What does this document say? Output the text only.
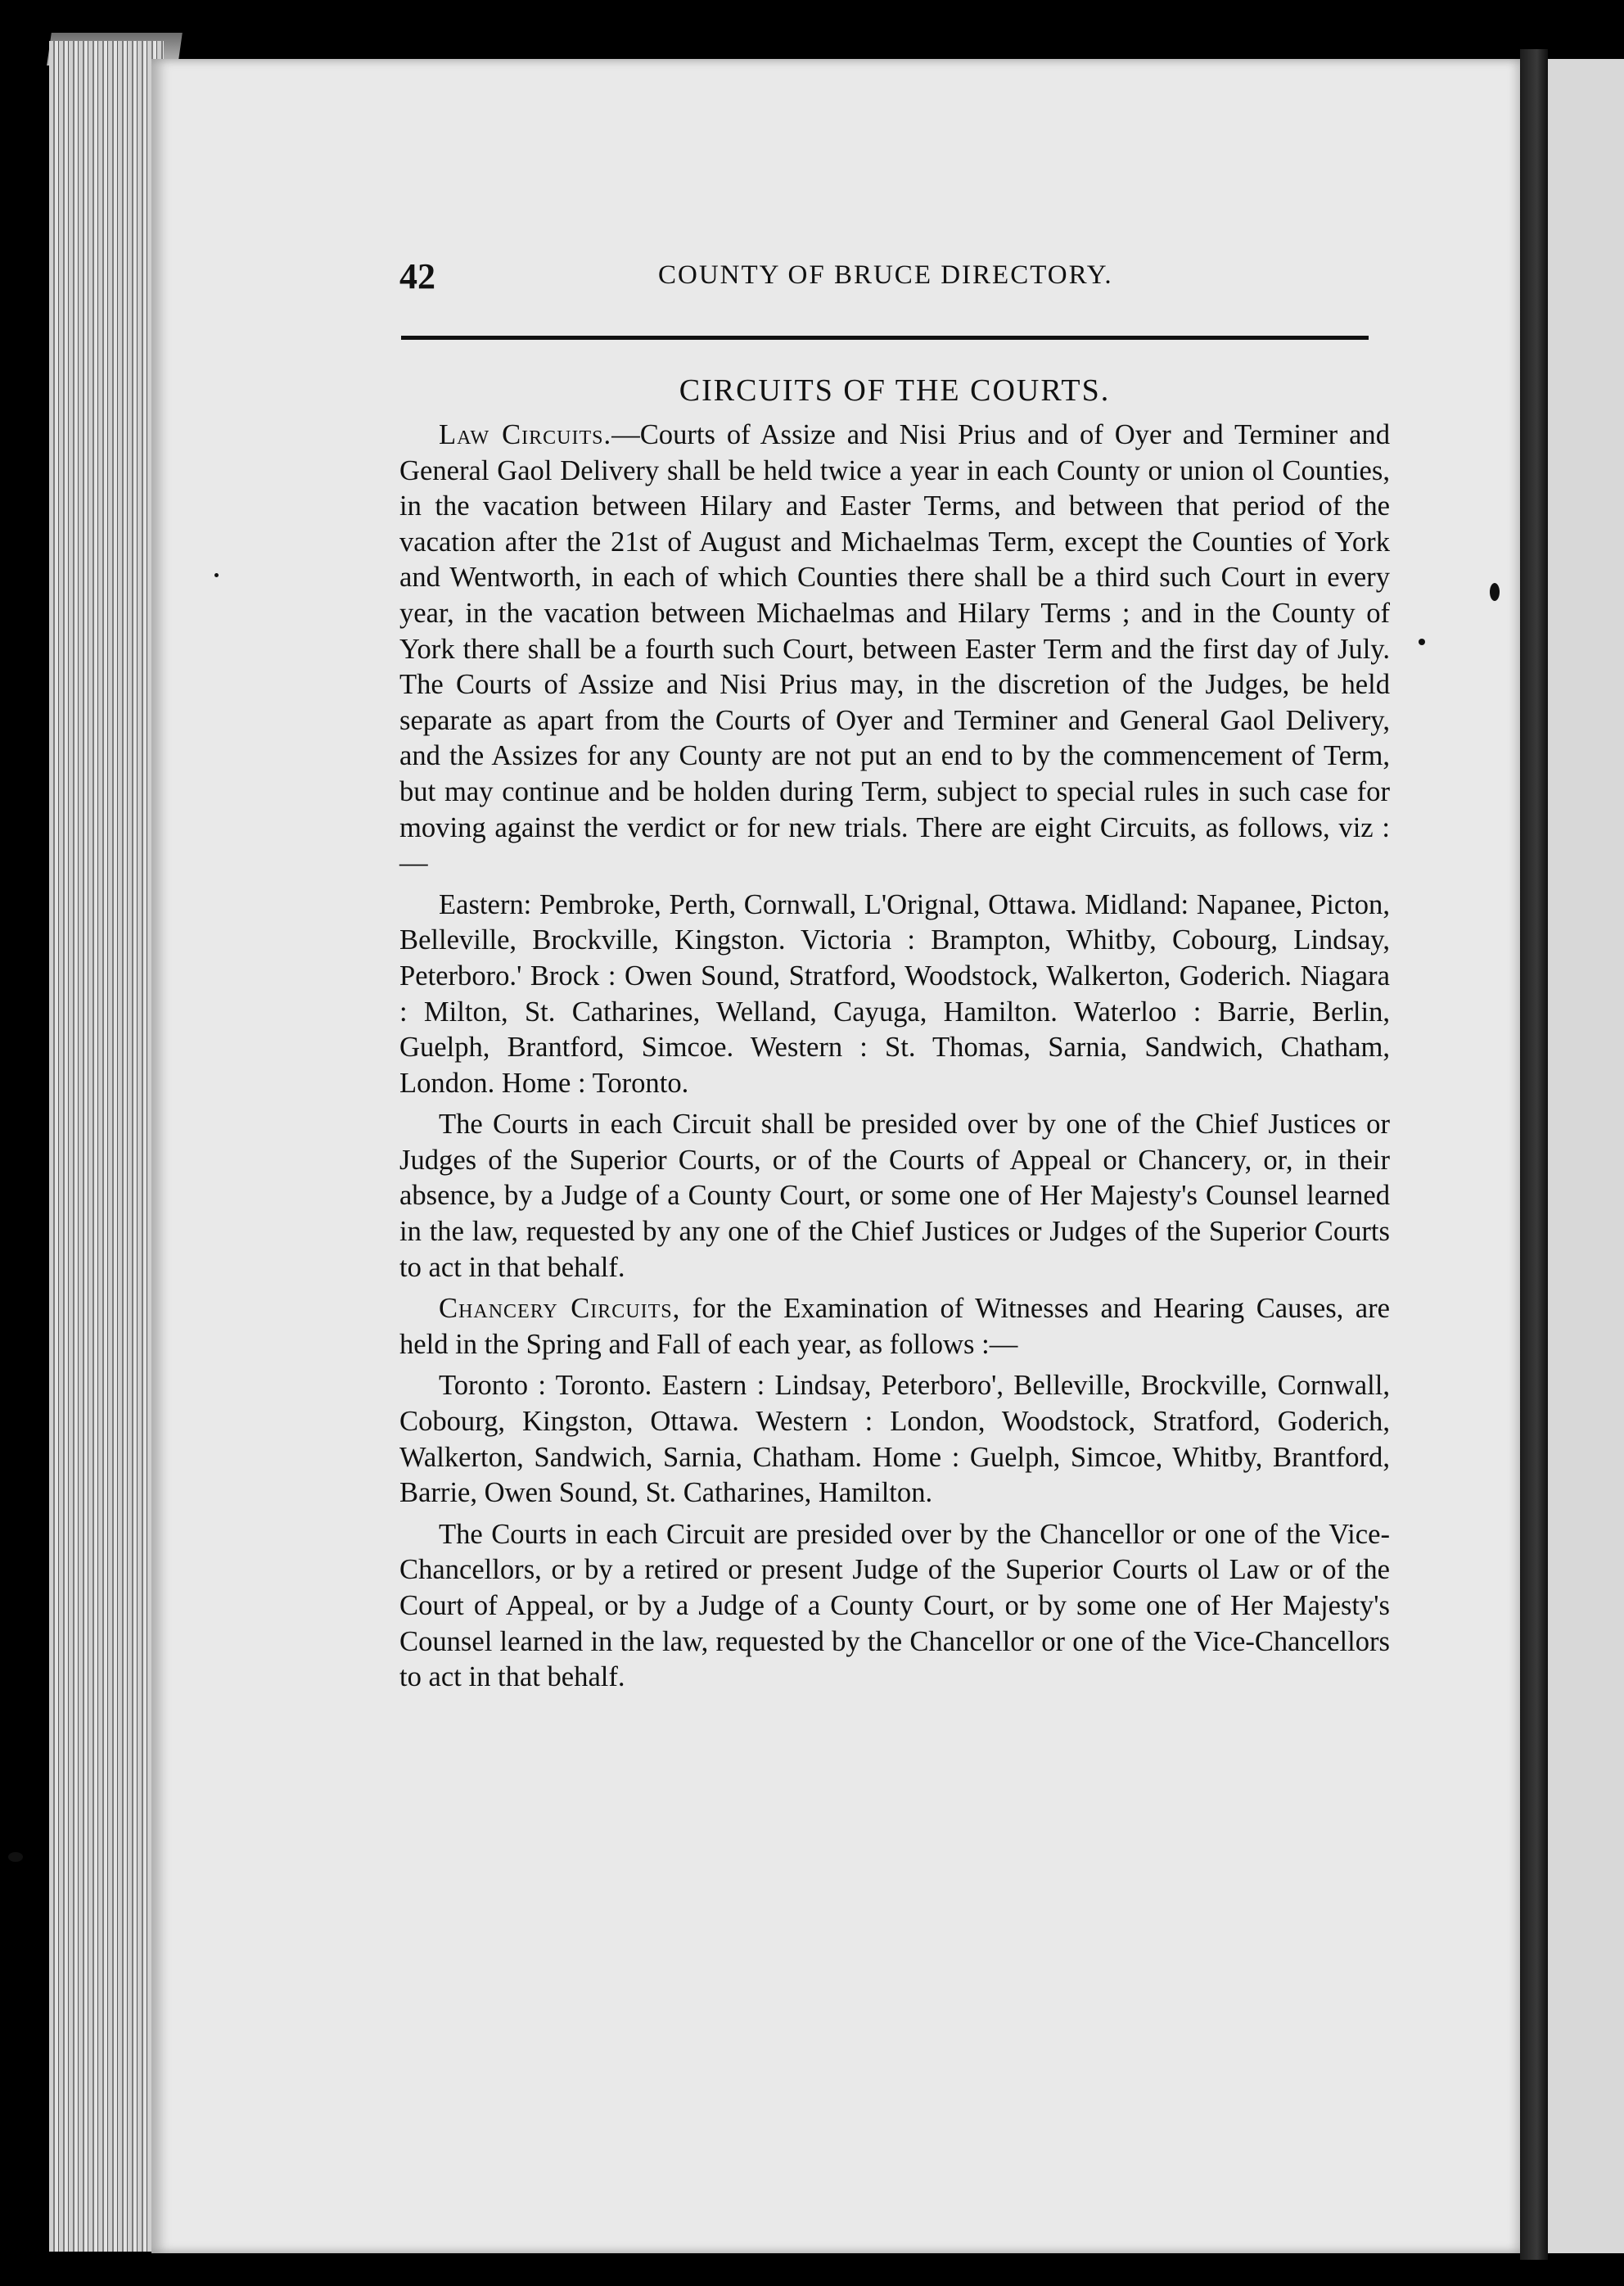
42	COUNTY OF BRUCE DIRECTORY.
CIRCUITS OF THE COURTS.

Law Circuits.—Courts of Assize and Nisi Prius and of Oyer and Terminer and General Gaol Delivery shall be held twice a year in each County or union ol Counties, in the vacation between Hilary and Easter Terms, and between that period of the vacation after the 21st of August and Michaelmas Term, except the Counties of York and Wentworth, in each of which Counties there shall be a third such Court in every year, in the vacation between Michaelmas and Hilary Terms ; and in the County of York there shall be a fourth such Court, between Easter Term and the first day of July. The Courts of Assize and Nisi Prius may, in the discretion of the Judges, be held separate as apart from the Courts of Oyer and Terminer and General Gaol Delivery, and the Assizes for any County are not put an end to by the commencement of Term, but may continue and be holden during Term, subject to special rules in such case for moving against the verdict or for new trials. There are eight Circuits, as follows, viz :—

Eastern: Pembroke, Perth, Cornwall, L'Orignal, Ottawa. Midland: Napanee, Picton, Belleville, Brockville, Kingston. Victoria : Brampton, Whitby, Cobourg, Lindsay, Peterboro.' Brock : Owen Sound, Stratford, Woodstock, Walkerton, Goderich. Niagara : Milton, St. Catharines, Welland, Cayuga, Hamilton. Waterloo : Barrie, Berlin, Guelph, Brantford, Simcoe. Western : St. Thomas, Sarnia, Sandwich, Chatham, London. Home : Toronto.

The Courts in each Circuit shall be presided over by one of the Chief Justices or Judges of the Superior Courts, or of the Courts of Appeal or Chancery, or, in their absence, by a Judge of a County Court, or some one of Her Majesty's Counsel learned in the law, requested by any one of the Chief Justices or Judges of the Superior Courts to act in that behalf.

Chancery Circuits, for the Examination of Witnesses and Hearing Causes, are held in the Spring and Fall of each year, as follows :—

Toronto : Toronto. Eastern : Lindsay, Peterboro', Belleville, Brockville, Cornwall, Cobourg, Kingston, Ottawa. Western : London, Woodstock, Stratford, Goderich, Walkerton, Sandwich, Sarnia, Chatham. Home : Guelph, Simcoe, Whitby, Brantford, Barrie, Owen Sound, St. Catharines, Hamilton.

The Courts in each Circuit are presided over by the Chancellor or one of the Vice-Chancellors, or by a retired or present Judge of the Superior Courts ol Law or of the Court of Appeal, or by a Judge of a County Court, or by some one of Her Majesty's Counsel learned in the law, requested by the Chancellor or one of the Vice-Chancellors to act in that behalf.
